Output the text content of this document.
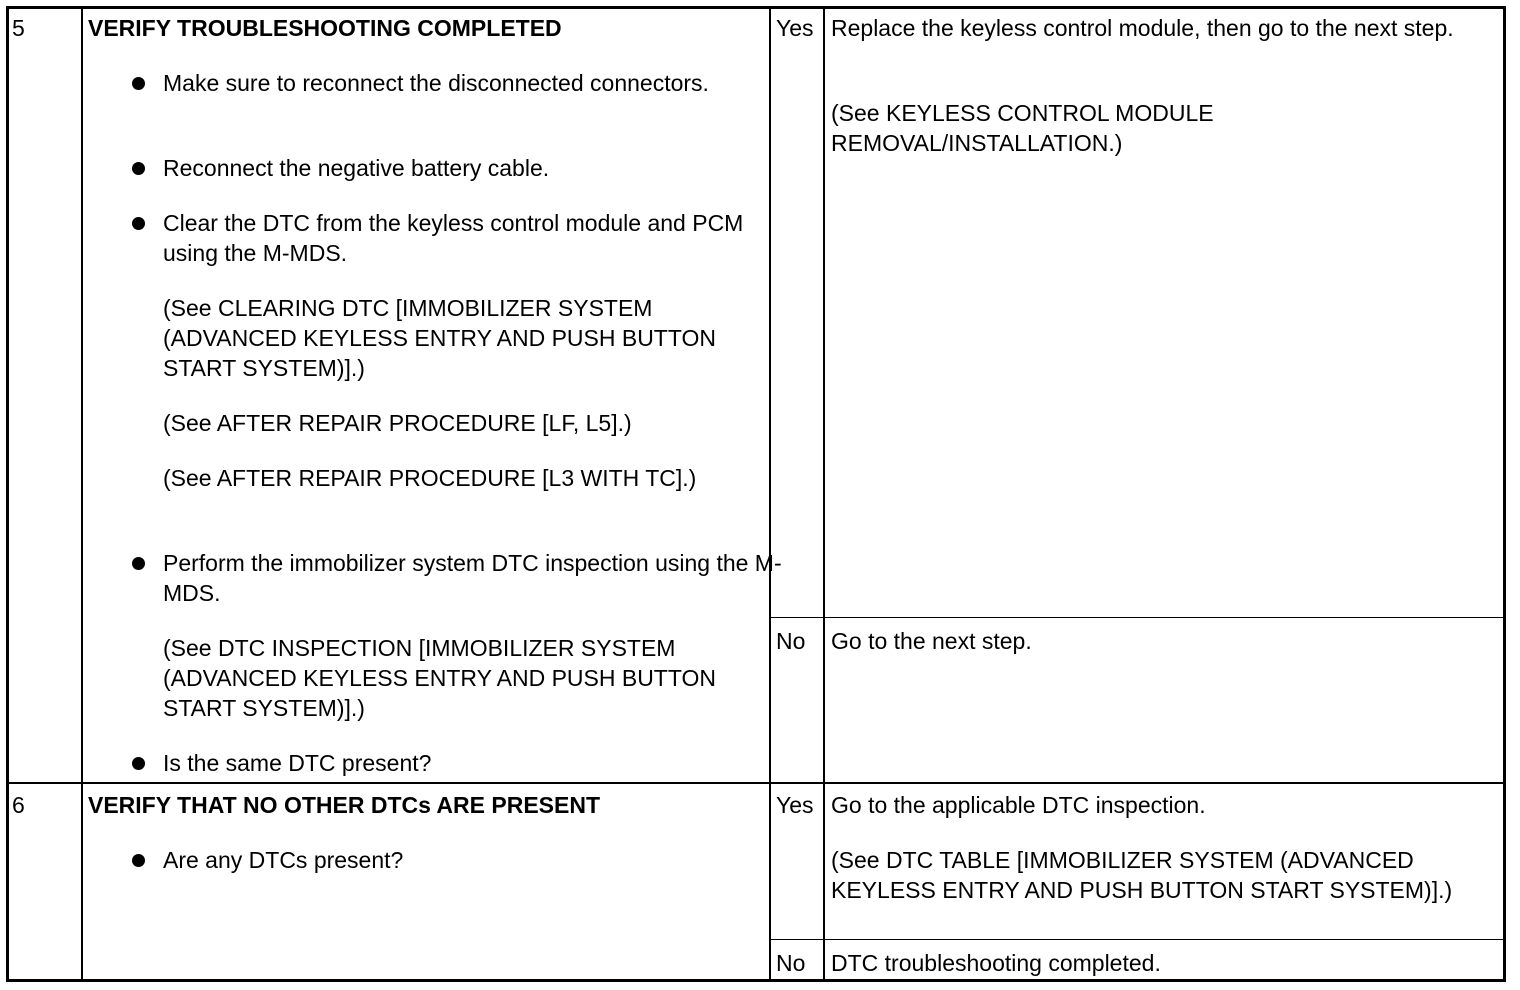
5	VERIFY TROUBLESHOOTING COMPLETED
Make sure to reconnect the disconnected connectors.
Reconnect the negative battery cable.
Clear the DTC from the keyless control module and PCM using the M-MDS.
(See CLEARING DTC [IMMOBILIZER SYSTEM (ADVANCED KEYLESS ENTRY AND PUSH BUTTON START SYSTEM)].)
(See AFTER REPAIR PROCEDURE [LF, L5].)
(See AFTER REPAIR PROCEDURE [L3 WITH TC].)
Perform the immobilizer system DTC inspection using the M-MDS.
(See DTC INSPECTION [IMMOBILIZER SYSTEM (ADVANCED KEYLESS ENTRY AND PUSH BUTTON START SYSTEM)].)
Is the same DTC present?
Yes Replace the keyless control module, then go to the next step.
(See KEYLESS CONTROL MODULE REMOVAL/INSTALLATION.)
No Go to the next step.
6	VERIFY THAT NO OTHER DTCs ARE PRESENT
Are any DTCs present?
Yes Go to the applicable DTC inspection.
(See DTC TABLE [IMMOBILIZER SYSTEM (ADVANCED KEYLESS ENTRY AND PUSH BUTTON START SYSTEM)].)
No DTC troubleshooting completed.
